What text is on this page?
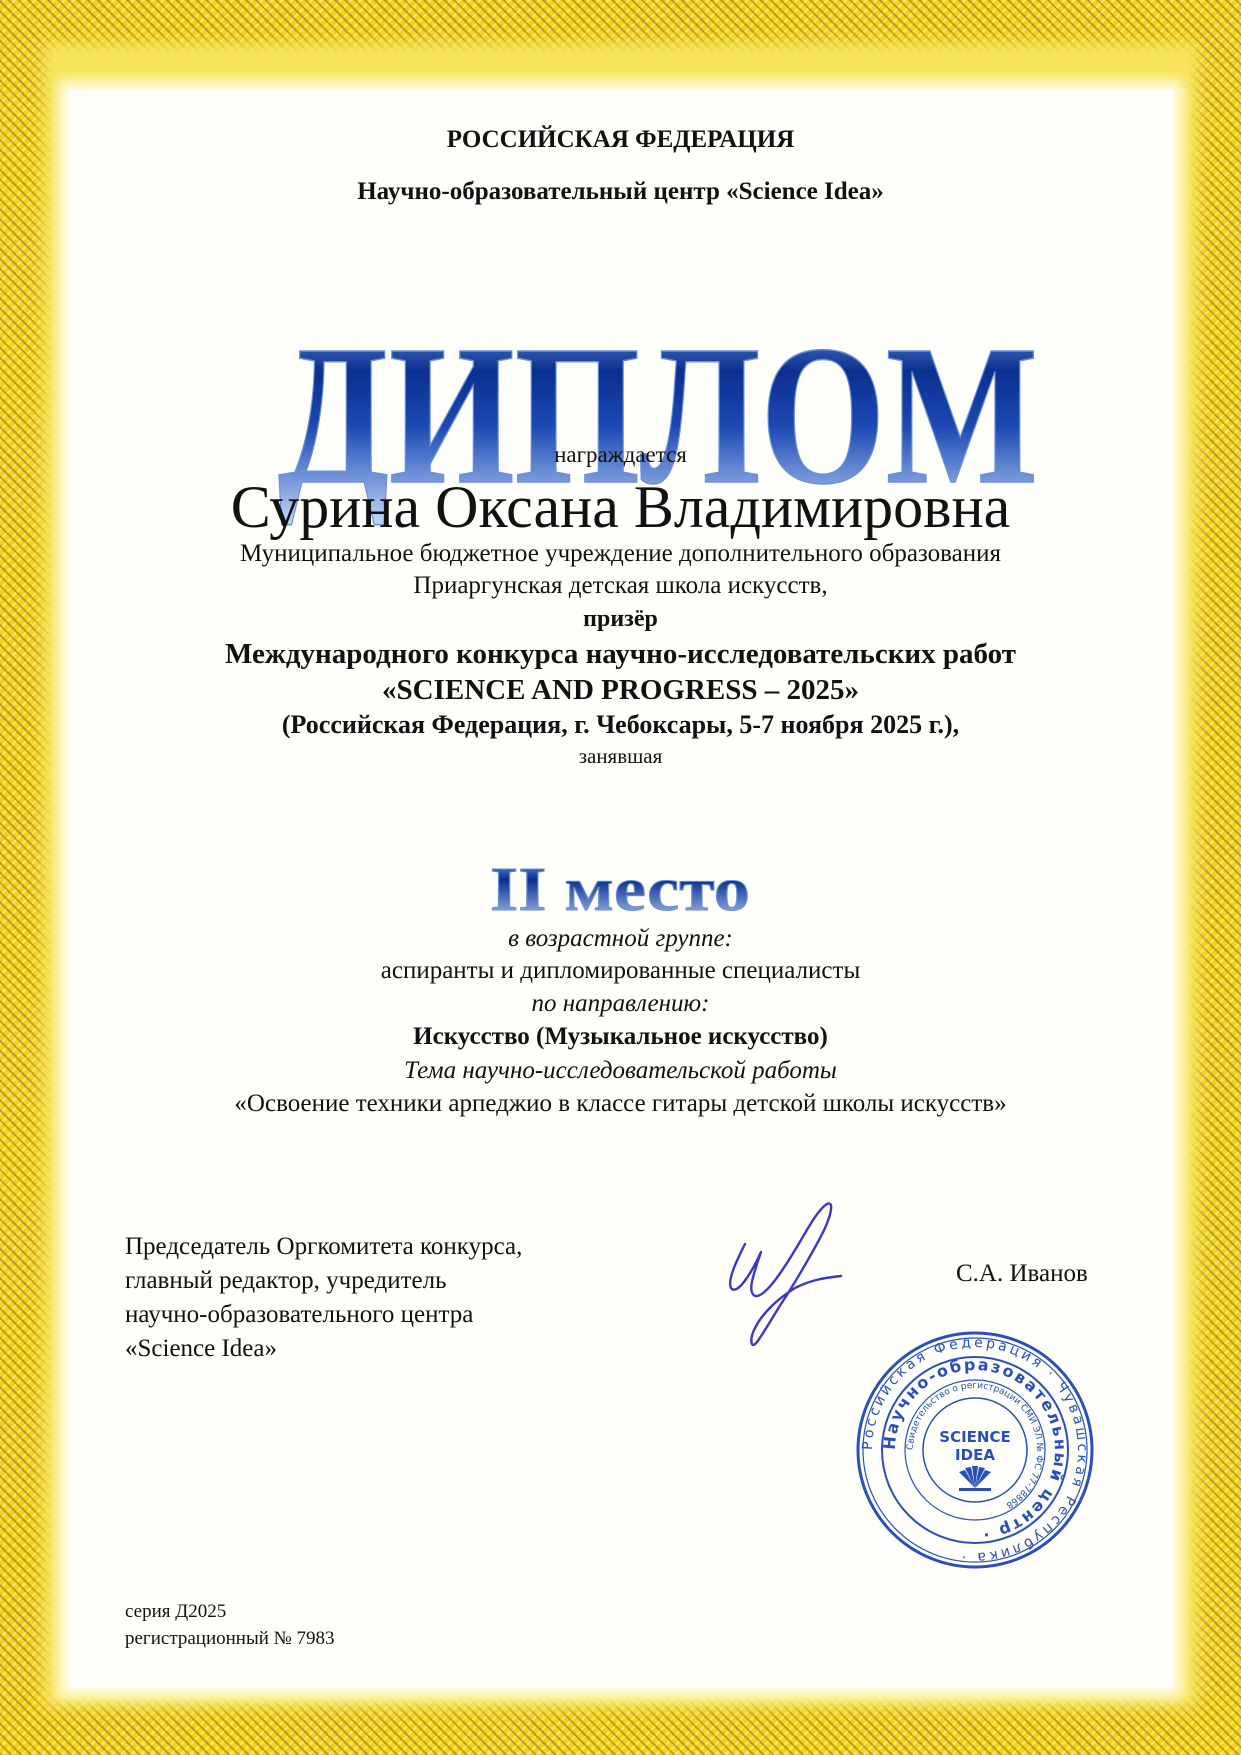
РОССИЙСКАЯ ФЕДЕРАЦИЯ
Научно-образовательный центр «Science Idea»
ДИПЛОМ
награждается
Сурина Оксана Владимировна
Муниципальное бюджетное учреждение дополнительного образования
Приаргунская детская школа искусств,
призёр
Международного конкурса научно-исследовательских работ
«SCIENCE AND PROGRESS – 2025»
(Российская Федерация, г. Чебоксары, 5-7 ноября 2025 г.),
занявшая
II место
в возрастной группе:
аспиранты и дипломированные специалисты
по направлению:
Искусство (Музыкальное искусство)
Тема научно-исследовательской работы
«Освоение техники арпеджио в классе гитары детской школы искусств»
Председатель Оргкомитета конкурса,
главный редактор, учредитель
научно-образовательного центра
«Science Idea»
С.А. Иванов
Российская Федерация · Чувашская Республика ·
Научно-образовательный центр ·
Свидетельство о регистрации СМИ ЭЛ № ФС 77-78868
SCIENCE
IDEA
серия Д2025
регистрационный № 7983
